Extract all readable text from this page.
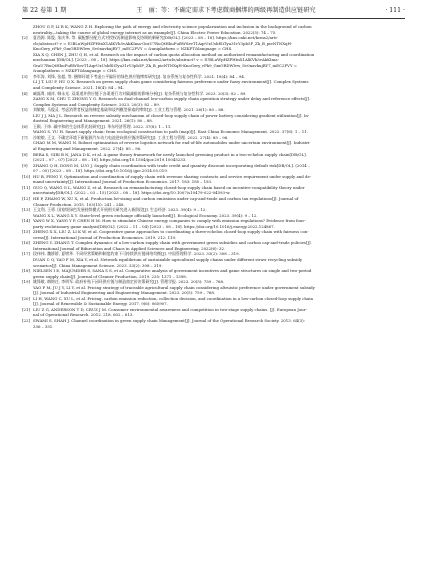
第 22 卷第 1 期	王　丽：等：不确定需求下考虑微商捆绑的两级再制造供应链研究	· 111 ·
ZHOU G P, LI R K, WANG Z H. Exploring the path of energy and electricity science popularization and inclusion in the background of carbon
neutrality—taking the course of global energy internet as an example[J]. China Electric Power Education. 2022(5): 74 – 75.
[2] 夏西源, 陈俊, 朱庆华, 等. 碳配额分配方式对授权再制造影响及协调机制研究[DB/OL]. [2023 – 08 – 18]. https://kns.cnki.net/kcms2/arti-
cle/abstract? v = IUBLuWpHZPHtnX1AlKVh5vAkKIma-GraU7RuQtHhuFuBWSevT1AqrUxUshfSiTyu31rY3pb5P_Zk_B_pieNTNXqH-
KnoGery_rPk9_GmORDWlvw_Sv0navkujRY7_mEC2FVY = &uniplatform = NZKPT&language = CHS.
XIA X Q, CHEN J, ZHU Q H, et al. Research on the impact of carbon quota allocation method on authorized remanufacturing and coordination
mechanism [DB/OL]. [2023 – 08 – 18]. https://kns.cnki.net/kcms2/article/abstract? v = IUBLuWpHZPHtnX1AlKVh5vAkKIma-
GraU7RuQtHhuFuBWSevT1AqrUxUshfSiTyu31rY3pb5P_Zk_B_pieNTNXqH-KnoGery_rPk9_GmORDWlvw_Sv0navkujRY7_mEC2FVY =
&uniplatform = NZKPT&language = CHS.
[3] 李军涛, 刘锋, 张超, 等. 捆绑环境下考虑公平偏好的绿色供应链博弈研究[J]. 复杂系统与复杂性科学. 2021. 18(4): 84 – 94.
LI J T, LIU F, HU Q X. Research on green supply chain game considering fairness preference under fuzzy environment[J]. Complex Systems
and Complexity Science. 2021. 18(4): 84 – 94.
[4] 臧磊粤, 储祥, 韩永光. 双渠道并供应链下各渠道行为对碳减排的影响分析[J]. 复杂系统与复杂性科学. 2023. 20(3): 82 – 89.
ZANG X M, CHU T, ZHONG Y G. Research on dual-channel low-carbon supply chain operation strategy under delay and reference effects[J].
Complex Systems and Complexity Science. 2023. 20(3): 82 – 89.
[5] 刘敏敏, 马俊灵. 考虑消费者权益的制度基础和谈判模型探索的博弈[J]. 工业工程与管理. 2021. 26(1): 80 – 88.
LIU J J, MA J L. Research on reverse subsidy mechanism of closed-loop supply chain of power battery considering gradient utilization[J]. In-
dustrial Engineering and Management. 2021. 26(1): 80 – 88.
[6] 王颖, 于炜. 碳中和的生态体系比较研究[J]. 华东经济管理. 2022. 37(8): 1 – 11.
WANG S, YU H. Smart supply chain: from ecological construction to path (map)[J]. East China Economic Management. 2022. 37(8): 1 – 11.
[7] 沙娘娘, 王文. 不确定环境下新能源汽车动力电池逆向供应链决策研究[J]. 工业工程与管理. 2022. 27(4): 85 – 96.
CHAO M M, WANG N. Robust optimization of reverse logistics network for end-of-life automobiles under uncertain environment[J]. Industri-
al Engineering and Management. 2022. 27(4): 85 – 96.
[8] BERA S, GIRI B N, JANA D K, et al. A game theory framework for newly launched greening product in a two-echelon supply chain[DB/OL].
(2021 – 07 – 07) [2023 – 08 – 18]. https://doi.org/10.1504/ijor.2019.10045233.
[9] ZHANG Q H, DONG M, LUO J. Supply chain coordination with trade credit and quantity discount incorporating default risk[DB/OL]. (2014 –
07 – 05) [2023 – 08 – 18]. https://doi.org/10.1016/j.ijpe.2014.05.019.
[10] HU B, FENG Y. Optimization and coordination of supply chain with revenue sharing contracts and service requirement under supply and de-
mand uncertainty[J]. International Journal of Production Economics. 2017. 183: 185 – 193.
[11] GUO Q, WANG G L, WANG Z, et al. Research on remanufacturing closed-loop supply chain based on incentive-compatibility theory under
uncertainty[DB/OL]. (2022 – 03 – 15) [2023 – 08 – 18]. https://doi.org/10.1007/s10479-022-04593-w.
[12] HE P, ZHANG W, XU X, et al. Production lot-sizing and carbon emissions under cap-and-trade and carbon tax regulations[J]. Journal of
Cleaner Production. 2015. 103(15): 241 – 248.
[13] 王文利, 王勇. 国家级绿色发展持续模式开展相关研究进入新阶段[J]. 生态经济. 2023. 39(4): 9 – 12.
WANG X L, WANG X Y. State-level green exchange officially launched[J]. Ecological Economy. 2023. 39(4): 9 – 12.
[14] YANG W X, YANG Y P, CHEN H M. How to stimulate Chinese energy companies to comply with emission regulations? Evidence from four-
party evolutionary game analysis[DB/OL]. (2022 – 11 – 04) [2023 – 08 – 18]. https://doi.org/10.1016/j.energy.2022.124867.
[15] ZHENG X X, LIU Z, LI K W, et al. Cooperative game approaches to coordinating a three-echelon closed-loop supply chain with fairness con-
cerns[J]. International Journal of Production Economics. 2019. 212: 119.
[16] ZHENG Y, ZHANG T. Complex dynamics of a low-carbon supply chain with government green subsidies and carbon cap-and-trade policies[J].
International Journal of Bifurcation and Chaos in Applied Sciences and Engineering. 2022(6): 32.
[17] 段伟伟, 魏娇娇, 夏增华. 不同经营策略和制度约束下可持续供应链网络均衡[J]. 中国管理科学. 2023. 33(2): 308 – 319.
DUAN C Q, YAO F M, XIA Y, et al. Network equilibrium of sustainable agricultural supply chains under different straw recycling subsidy
scenarios[J]. China Management Science. 2023. 33(2): 308 – 319.
[18] NIELSEN I E, MAJUMDER S, SANA S S, et al. Comparative analysis of government incentives and game structures on single and two-period
green supply chain[J]. Journal of Cleaner Production. 2019. 235: 1371 – 1398.
[19] 姚锋敏, 梅锦迁, 李明军. 政府补贴下闭环供应链与制造商定价决策研究[J]. 管理学报. 2023. 20(5): 759 – 768.
YAO F M, JU J Y, LI Y, et al. Pricing strategy of traceable agricultural supply chain considering altruistic preference under government subsidy
[J]. Journal of Industrial Engineering and Engineering Management. 2023. 20(5): 759 – 768.
[20] LI H, WANG C, XU L, et al. Pricing, carbon emission reduction, collection decision, and coordination in a low-carbon closed-loop supply chain
[J]. Journal of Renewable & Sustainable Energy. 2017. 9(6): 065907.
[21] LIU Z G, ANDERSON T D, CRUZ J M. Consumer environmental awareness and competition in two-stage supply chains. [J]. European Jour-
nal of Operational Research. 2012. 218. 602 – 613.
[22] SWAMI S, SHAH J. Channel coordination in green supply chain Management[J]. Journal of the Operational Research Society. 2013. 64(3):
336 – 351.
